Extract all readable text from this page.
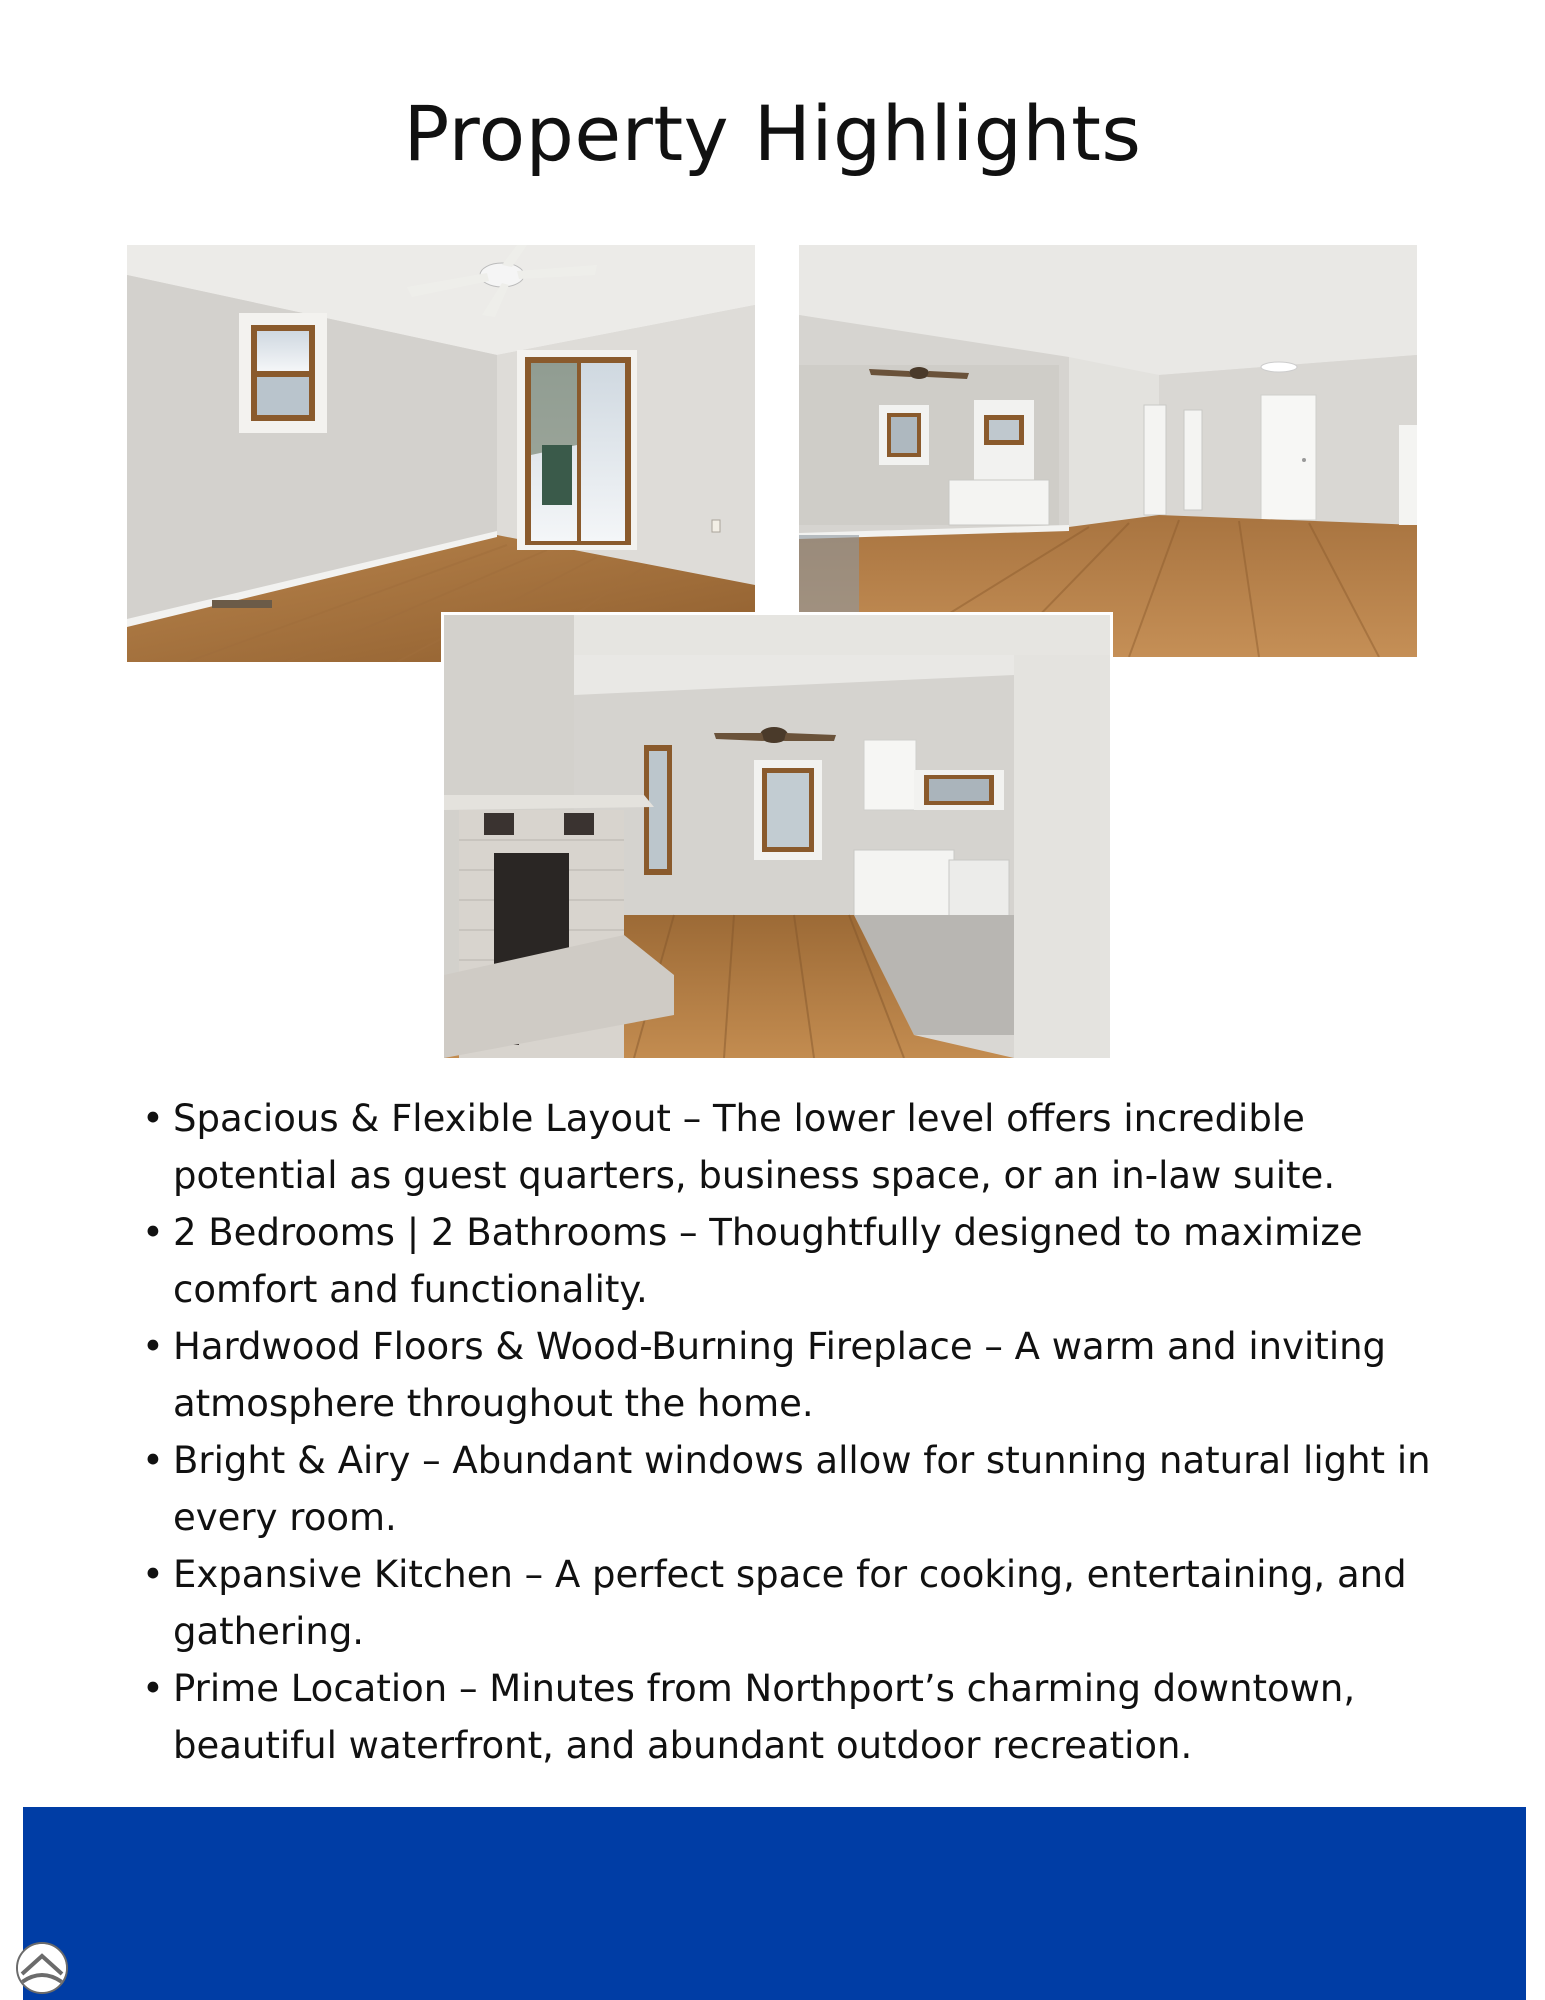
Property Highlights
• Spacious & Flexible Layout – The lower level offers incredible potential as guest quarters, business space, or an in-law suite.
• 2 Bedrooms | 2 Bathrooms – Thoughtfully designed to maximize comfort and functionality.
• Hardwood Floors & Wood-Burning Fireplace – A warm and inviting atmosphere throughout the home.
• Bright & Airy – Abundant windows allow for stunning natural light in every room.
• Expansive Kitchen – A perfect space for cooking, entertaining, and gathering.
• Prime Location – Minutes from Northport’s charming downtown, beautiful waterfront, and abundant outdoor recreation.
